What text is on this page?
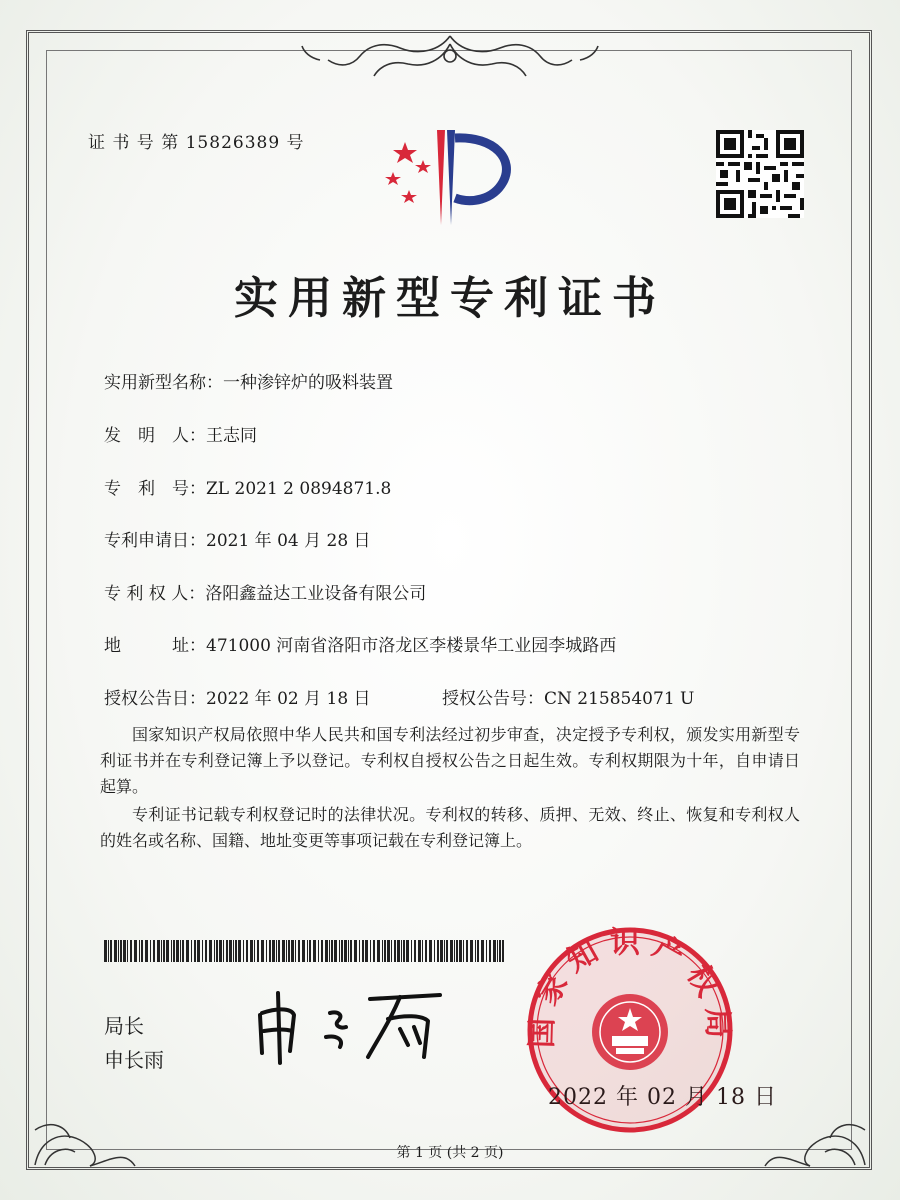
证 书 号 第 15826389 号
实用新型专利证书
实用新型名称：一种渗锌炉的吸料装置
发　明　人：王志同
专　利　号：ZL 2021 2 0894871.8
专利申请日：2021 年 04 月 28 日
专 利 权 人：洛阳鑫益达工业设备有限公司
地　　　址：471000 河南省洛阳市洛龙区李楼景华工业园李城路西
授权公告日：2022 年 02 月 18 日	授权公告号：CN 215854071 U

国家知识产权局依照中华人民共和国专利法经过初步审查，决定授予专利权，颁发实用新型专利证书并在专利登记簿上予以登记。专利权自授权公告之日起生效。专利权期限为十年，自申请日起算。

专利证书记载专利权登记时的法律状况。专利权的转移、质押、无效、终止、恢复和专利权人的姓名或名称、国籍、地址变更等事项记载在专利登记簿上。

局长
申长雨
国家知识产权局
2022 年 02 月 18 日
第 1 页 (共 2 页)
